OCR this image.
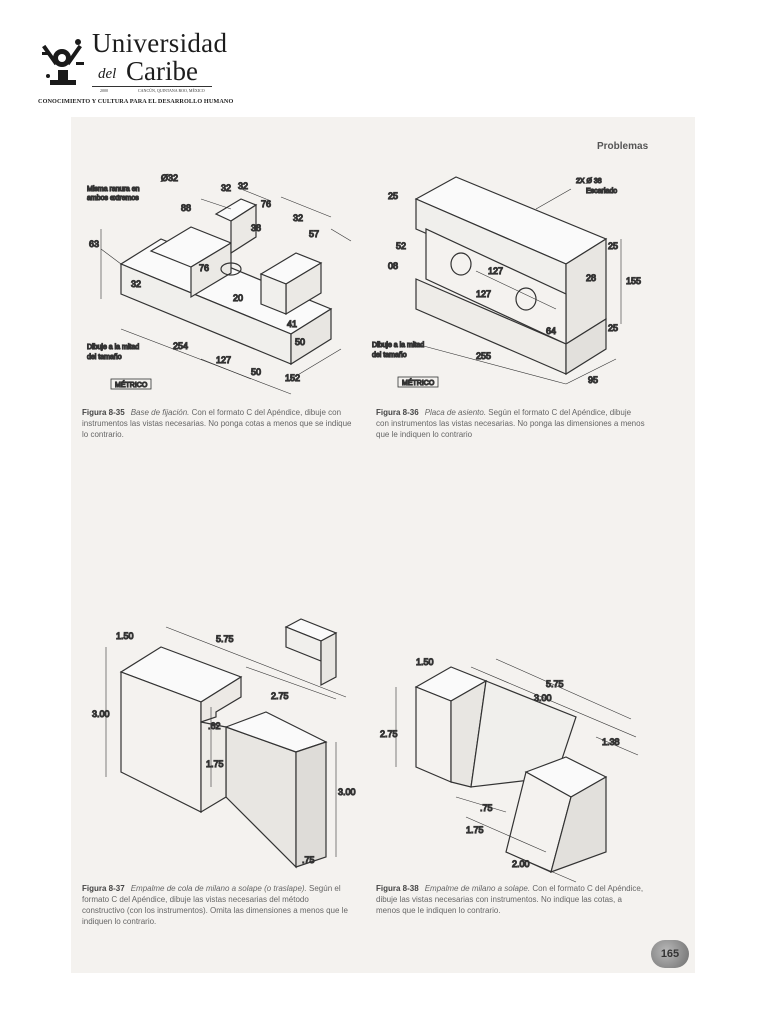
Universidad
del Caribe
2000	CANCÚN, QUINTANA ROO, MÉXICO
CONOCIMIENTO Y CULTURA PARA EL DESARROLLO HUMANO
Problemas
Ø32
32 32
76
88
38
32
57
76
63
32
20
41
254
127
50
50
152
Misma ranura en
ambos extremos
Dibuje a la mitad
del tamaño
MÉTRICO
Figura 8-35 Base de fijación. Con el formato C del Apéndice, dibuje con instrumentos las vistas necesarias. No ponga cotas a menos que se indique lo contrario.
25
52
08	127
127
25
28	155
25
64
255
95
2X Ø 38
Escariado
Dibuje a la mitad
del tamaño
MÉTRICO
Figura 8-36 Placa de asiento. Según el formato C del Apéndice, dibuje con instrumentos las vistas necesarias. No ponga las dimensiones a menos que le indiquen lo contrario
1.50	5.75
3.00
2.75
.62
1.75
3.00
.75
Figura 8-37 Empalme de cola de milano a solape (o traslape). Según el formato C del Apéndice, dibuje las vistas necesarias del método constructivo (con los instrumentos). Omita las dimensiones a menos que le indiquen lo contrario.
1.50
5.75
3.00
2.75
1.38
.75
1.75
2.00
Figura 8-38 Empalme de milano a solape. Con el formato C del Apéndice, dibuje las vistas necesarias con instrumentos. No indique las cotas, a menos que le indiquen lo contrario.
165
